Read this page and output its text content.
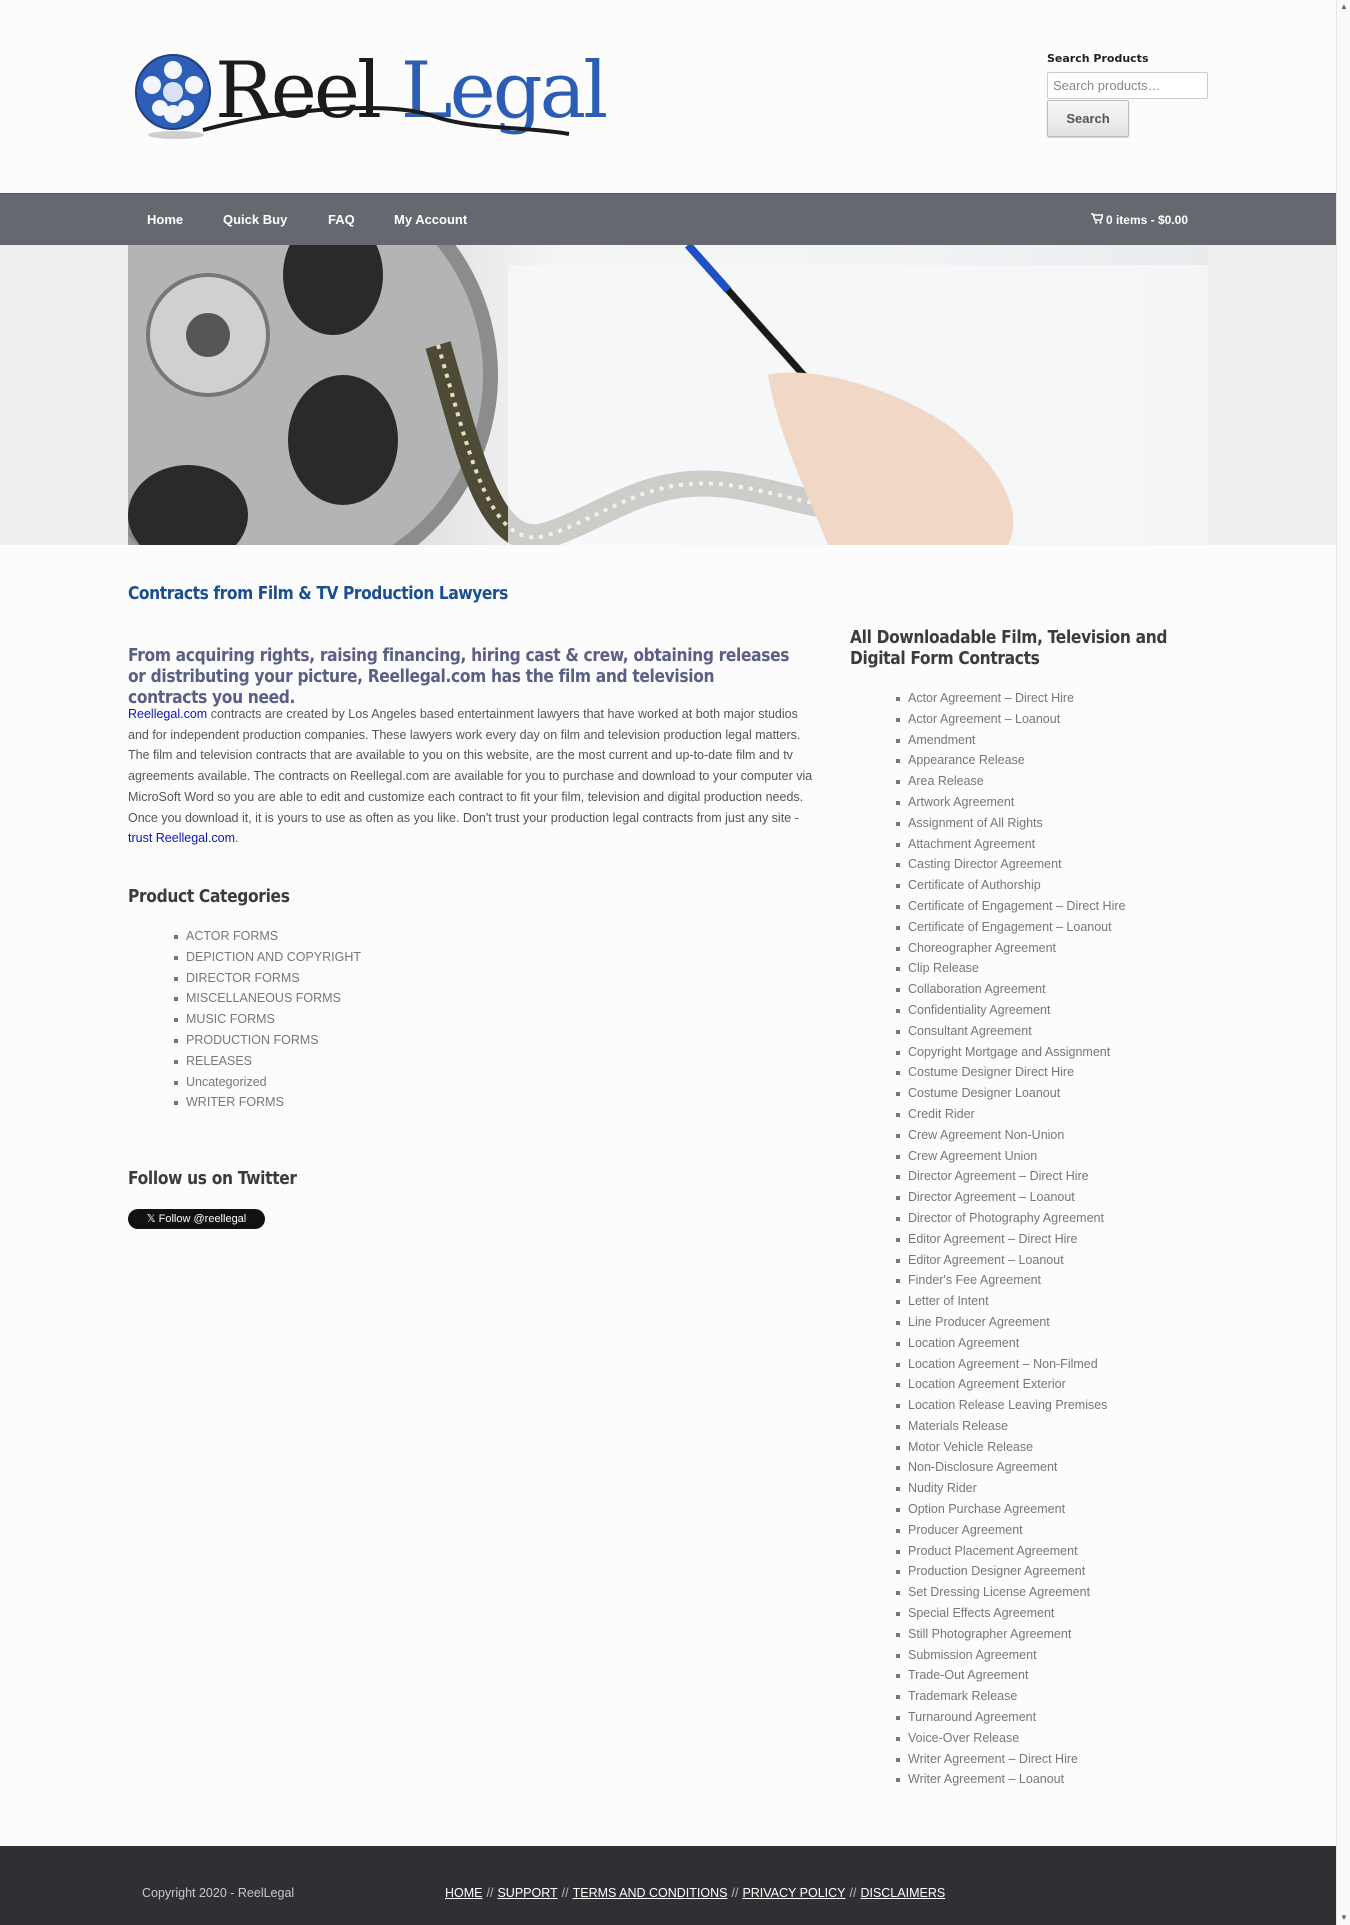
Reel Legal	Search Products
Search products…
Search
Home	Quick Buy	FAQ	My Account	0 items - $0.00
Contracts from Film & TV Production Lawyers
From acquiring rights, raising financing, hiring cast & crew, obtaining releases or distributing your picture, Reellegal.com has the film and television contracts you need.
Reellegal.com contracts are created by Los Angeles based entertainment lawyers that have worked at both major studios and for independent production companies. These lawyers work every day on film and television production legal matters. The film and television contracts that are available to you on this website, are the most current and up-to-date film and tv agreements available. The contracts on Reellegal.com are available for you to purchase and download to your computer via MicroSoft Word so you are able to edit and customize each contract to fit your film, television and digital production needs. Once you download it, it is yours to use as often as you like. Don't trust your production legal contracts from just any site - trust Reellegal.com.
Product Categories
ACTOR FORMS
DEPICTION AND COPYRIGHT
DIRECTOR FORMS
MISCELLANEOUS FORMS
MUSIC FORMS
PRODUCTION FORMS
RELEASES
Uncategorized
WRITER FORMS
Follow us on Twitter
𝕏 Follow @reellegal
All Downloadable Film, Television and Digital Form Contracts
Actor Agreement – Direct Hire
Actor Agreement – Loanout
Amendment
Appearance Release
Area Release
Artwork Agreement
Assignment of All Rights
Attachment Agreement
Casting Director Agreement
Certificate of Authorship
Certificate of Engagement – Direct Hire
Certificate of Engagement – Loanout
Choreographer Agreement
Clip Release
Collaboration Agreement
Confidentiality Agreement
Consultant Agreement
Copyright Mortgage and Assignment
Costume Designer Direct Hire
Costume Designer Loanout
Credit Rider
Crew Agreement Non-Union
Crew Agreement Union
Director Agreement – Direct Hire
Director Agreement – Loanout
Director of Photography Agreement
Editor Agreement – Direct Hire
Editor Agreement – Loanout
Finder's Fee Agreement
Letter of Intent
Line Producer Agreement
Location Agreement
Location Agreement – Non-Filmed
Location Agreement Exterior
Location Release Leaving Premises
Materials Release
Motor Vehicle Release
Non-Disclosure Agreement
Nudity Rider
Option Purchase Agreement
Producer Agreement
Product Placement Agreement
Production Designer Agreement
Set Dressing License Agreement
Special Effects Agreement
Still Photographer Agreement
Submission Agreement
Trade-Out Agreement
Trademark Release
Turnaround Agreement
Voice-Over Release
Writer Agreement – Direct Hire
Writer Agreement – Loanout
Copyright 2020 - ReelLegal	HOME // SUPPORT // TERMS AND CONDITIONS // PRIVACY POLICY // DISCLAIMERS
▲
▼
